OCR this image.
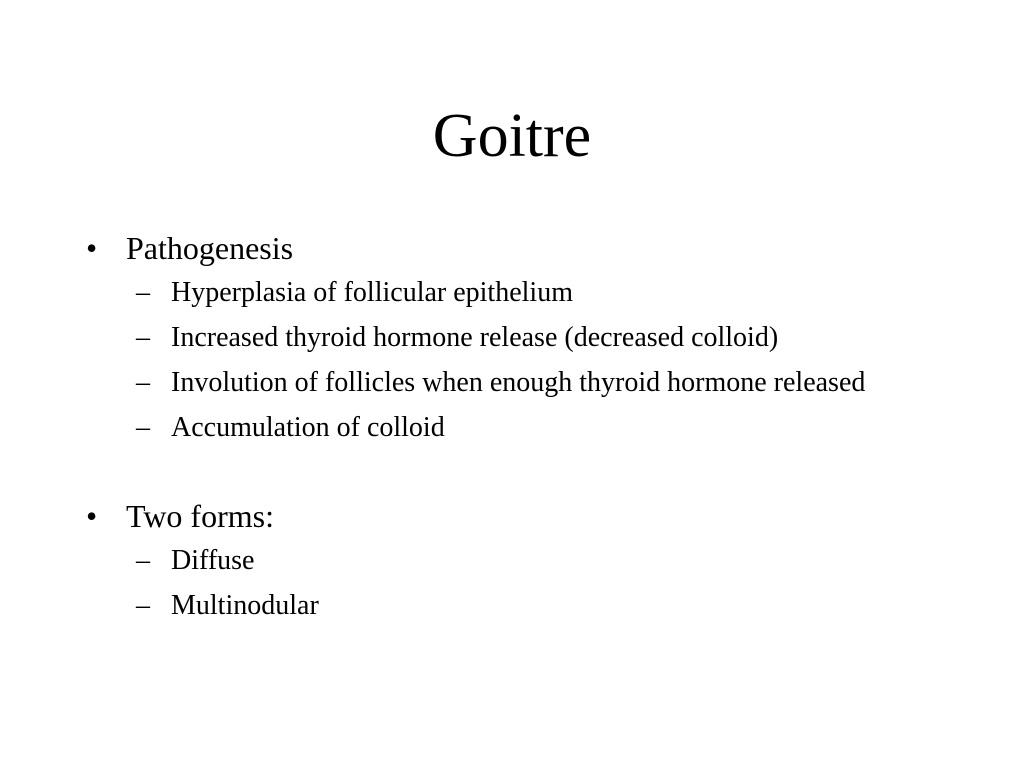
Goitre
• Pathogenesis
– Hyperplasia of follicular epithelium
– Increased thyroid hormone release (decreased colloid)
– Involution of follicles when enough thyroid hormone released
– Accumulation of colloid
• Two forms:
– Diffuse
– Multinodular
